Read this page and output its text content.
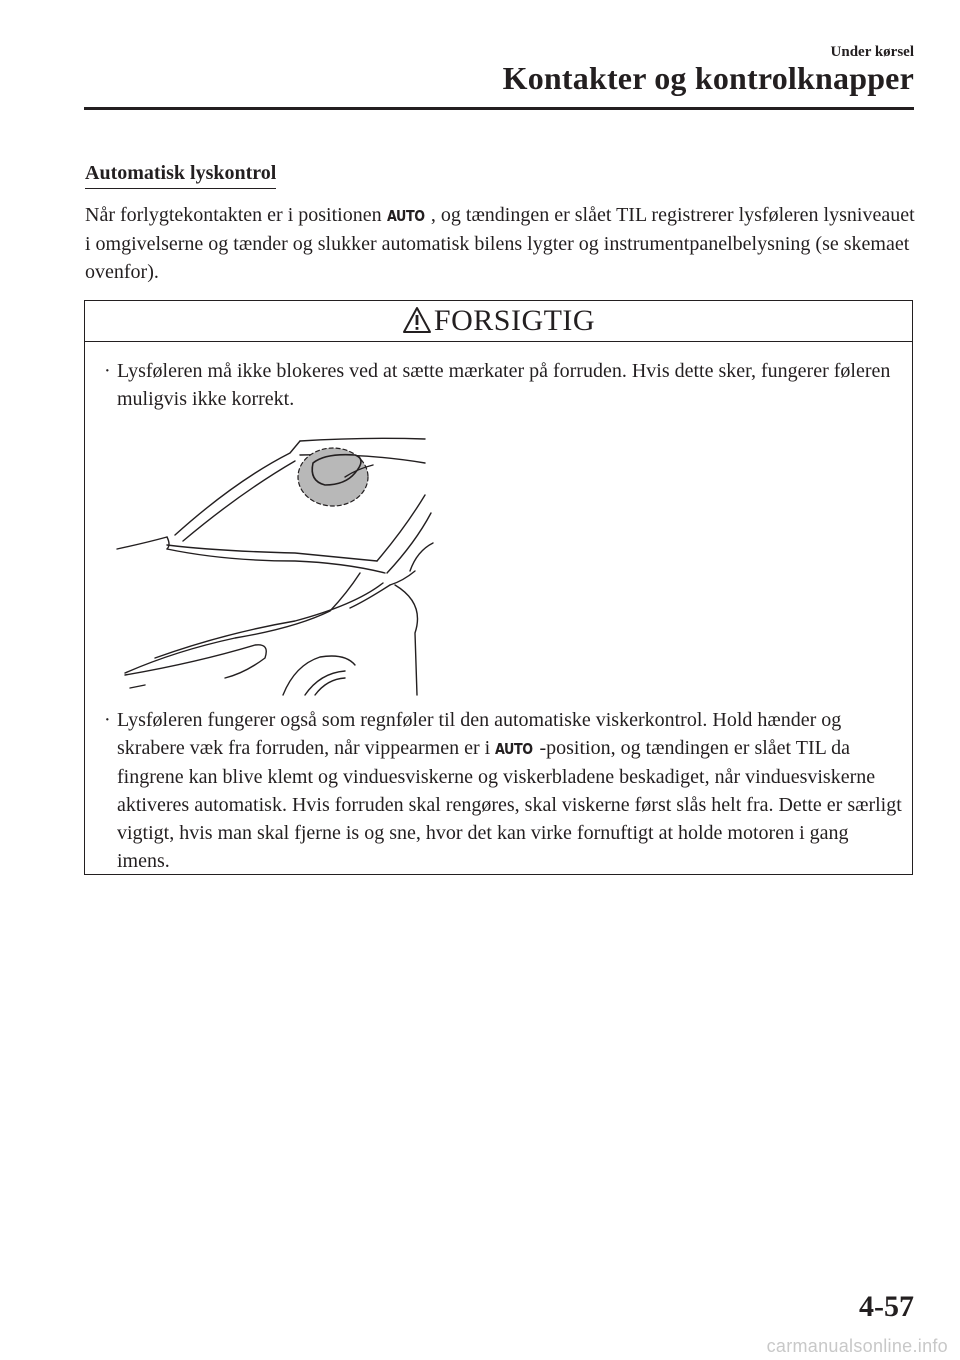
Under kørsel
Kontakter og kontrolknapper
Automatisk lyskontrol
Når forlygtekontakten er i positionen AUTO , og tændingen er slået TIL registrerer lysføleren lysniveauet i omgivelserne og tænder og slukker automatisk bilens lygter og instrumentpanelbelysning (se skemaet ovenfor).
FORSIGTIG
· Lysføleren må ikke blokeres ved at sætte mærkater på forruden. Hvis dette sker, fungerer føleren muligvis ikke korrekt.
· Lysføleren fungerer også som regnføler til den automatiske viskerkontrol. Hold hænder og skrabere væk fra forruden, når vippearmen er i AUTO -position, og tændingen er slået TIL da fingrene kan blive klemt og vinduesviskerne og viskerbladene beskadiget, når vinduesviskerne aktiveres automatisk. Hvis forruden skal rengøres, skal viskerne først slås helt fra. Dette er særligt vigtigt, hvis man skal fjerne is og sne, hvor det kan virke fornuftigt at holde motoren i gang imens.
4-57
carmanualsonline.info
